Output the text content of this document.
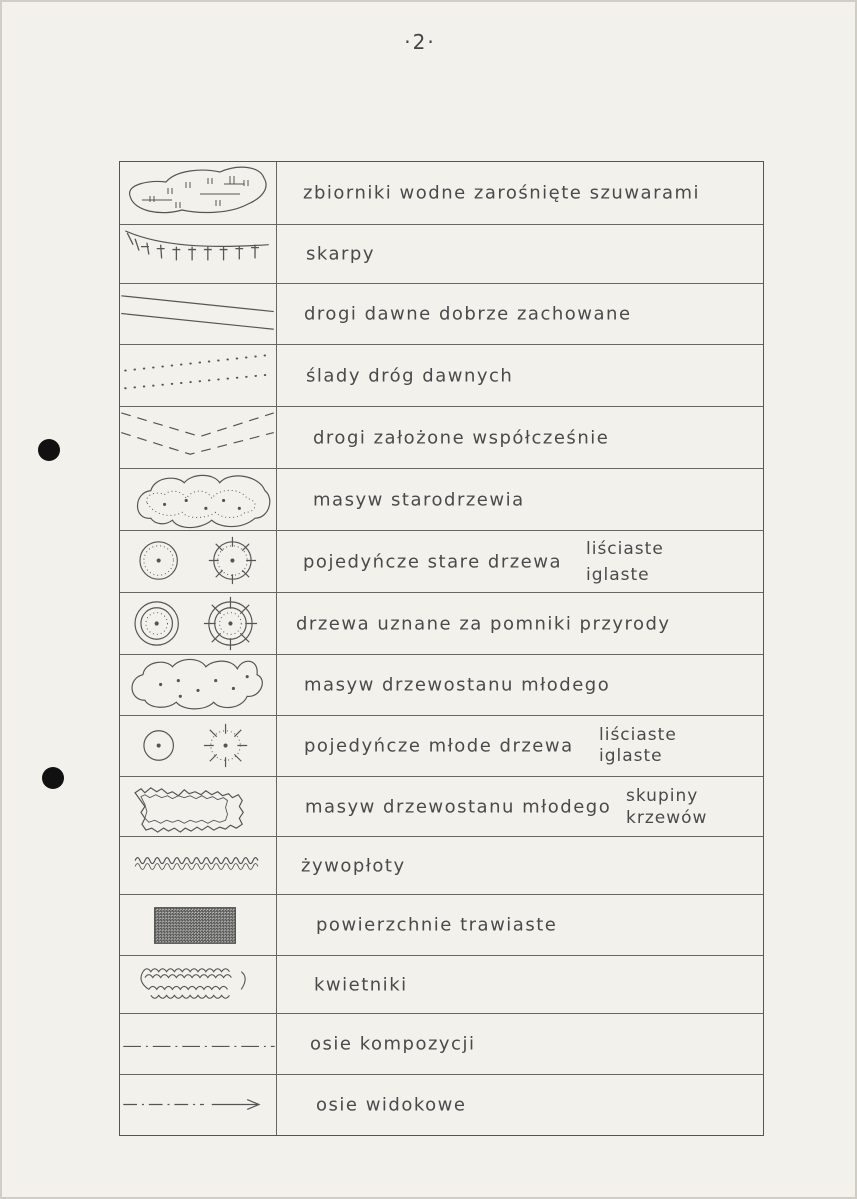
·2·
zbiorniki wodne zarośnięte szuwarami
skarpy
drogi dawne dobrze zachowane
ślady dróg dawnych
drogi założone współcześnie
masyw starodrzewia
pojedyńcze stare drzewa
liściaste
iglaste
drzewa uznane za pomniki przyrody
masyw drzewostanu młodego
pojedyńcze młode drzewa
liściaste
iglaste
masyw drzewostanu młodego skupiny
krzewów
żywopłoty
powierzchnie trawiaste
kwietniki
osie kompozycji
osie widokowe
